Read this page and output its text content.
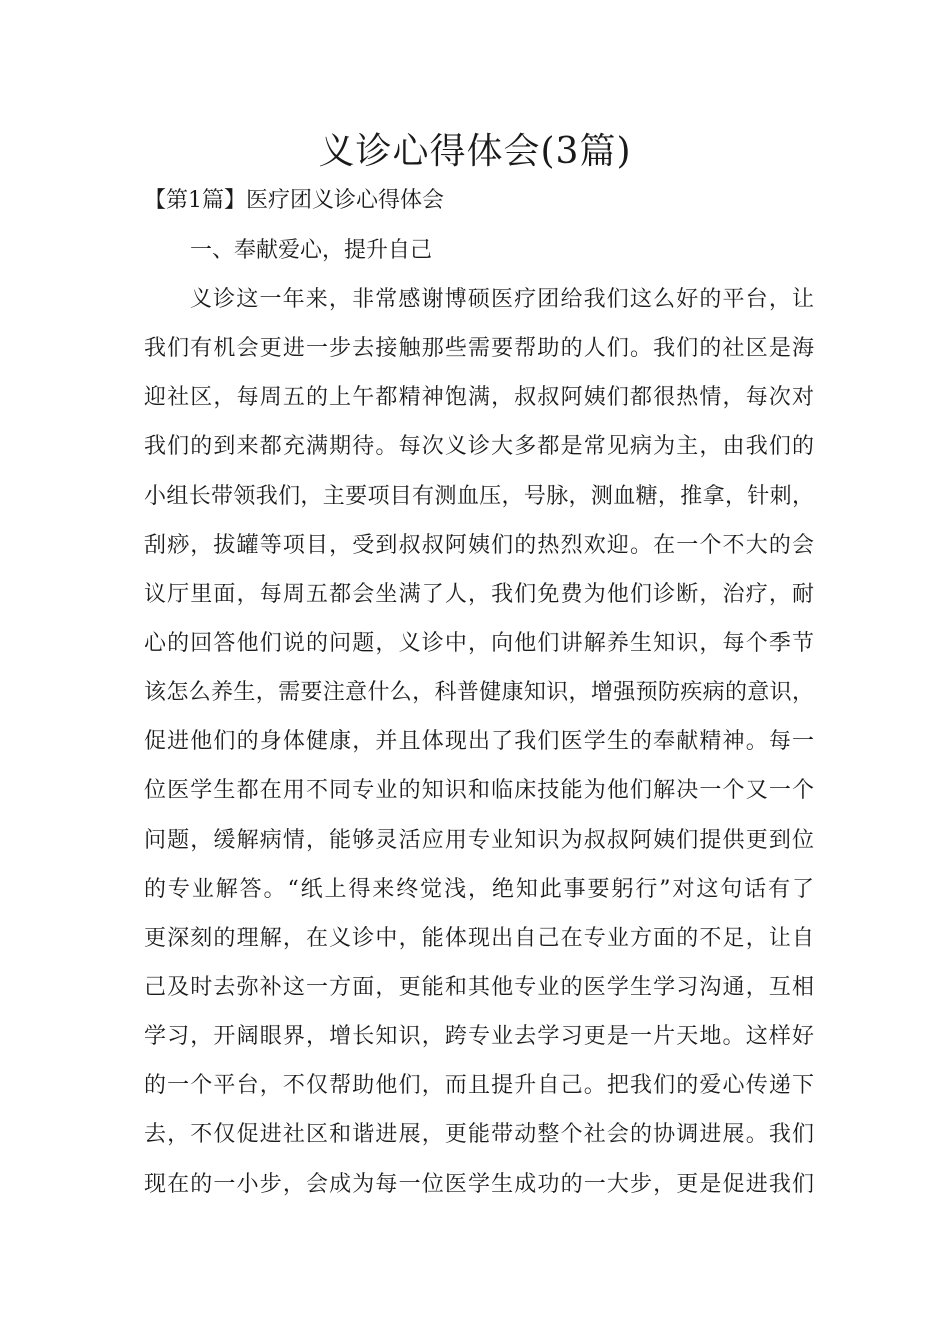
义诊心得体会(3篇)

【第1篇】医疗团义诊心得体会

一、奉献爱心，提升自己

义诊这一年来，非常感谢博硕医疗团给我们这么好的平台，让
我们有机会更进一步去接触那些需要帮助的人们。我们的社区是海
迎社区，每周五的上午都精神饱满，叔叔阿姨们都很热情，每次对
我们的到来都充满期待。每次义诊大多都是常见病为主，由我们的
小组长带领我们，主要项目有测血压，号脉，测血糖，推拿，针刺，
刮痧，拔罐等项目，受到叔叔阿姨们的热烈欢迎。在一个不大的会
议厅里面，每周五都会坐满了人，我们免费为他们诊断，治疗，耐
心的回答他们说的问题，义诊中，向他们讲解养生知识，每个季节
该怎么养生，需要注意什么，科普健康知识，增强预防疾病的意识，
促进他们的身体健康，并且体现出了我们医学生的奉献精神。每一
位医学生都在用不同专业的知识和临床技能为他们解决一个又一个
问题，缓解病情，能够灵活应用专业知识为叔叔阿姨们提供更到位
的专业解答。“纸上得来终觉浅，绝知此事要躬行”对这句话有了
更深刻的理解，在义诊中，能体现出自己在专业方面的不足，让自
己及时去弥补这一方面，更能和其他专业的医学生学习沟通，互相
学习，开阔眼界，增长知识，跨专业去学习更是一片天地。这样好
的一个平台，不仅帮助他们，而且提升自己。把我们的爱心传递下
去，不仅促进社区和谐进展，更能带动整个社会的协调进展。我们
现在的一小步，会成为每一位医学生成功的一大步，更是促进我们
